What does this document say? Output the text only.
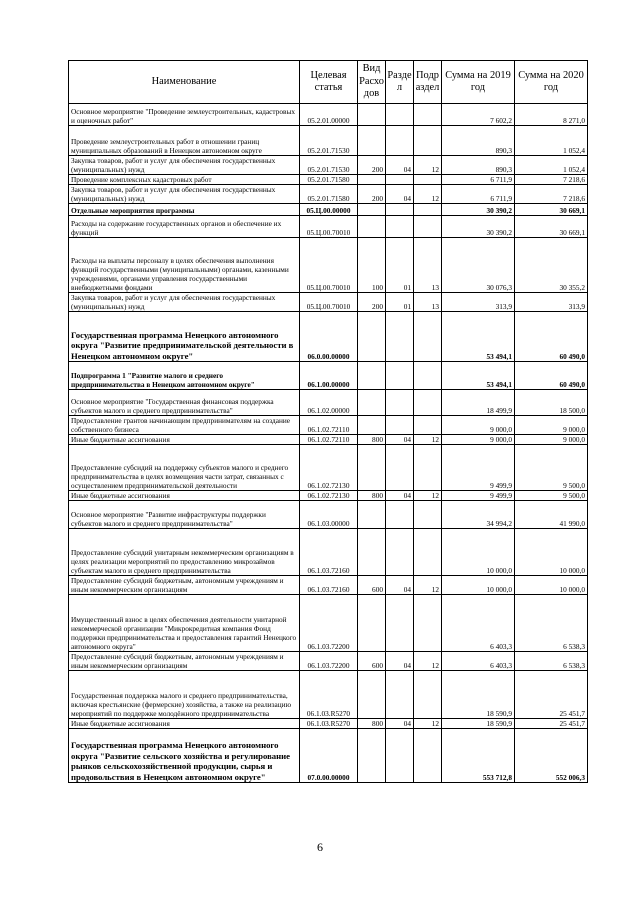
Наименование	Целевая статья	Вид Расхо дов	Разде л	Подр аздел	Сумма на 2019 год	Сумма на 2020 год
Основное мероприятие "Проведение землеустроительных, кадастровых и оценочных работ"	05.2.01.00000				7 602,2	8 271,0
Проведение землеустроительных работ в отношении границ муниципальных образований в Ненецком автономном округе	05.2.01.71530				890,3	1 052,4
Закупка товаров, работ и услуг для обеспечения государственных (муниципальных) нужд	05.2.01.71530	200	04	12	890,3	1 052,4
Проведение комплексных кадастровых работ	05.2.01.71580				6 711,9	7 218,6
Закупка товаров, работ и услуг для обеспечения государственных (муниципальных) нужд	05.2.01.71580	200	04	12	6 711,9	7 218,6
Отдельные мероприятия программы	05.Ц.00.00000				30 390,2	30 669,1
Расходы на содержание государственных органов и обеспечение их функций	05.Ц.00.70010				30 390,2	30 669,1
Расходы на выплаты персоналу в целях обеспечения выполнения функций государственными (муниципальными) органами, казенными учреждениями, органами управления государственными внебюджетными фондами	05.Ц.00.70010	100	01	13	30 076,3	30 355,2
Закупка товаров, работ и услуг для обеспечения государственных (муниципальных) нужд	05.Ц.00.70010	200	01	13	313,9	313,9
Государственная программа Ненецкого автономного округа "Развитие предпринимательской деятельности в Ненецком автономном округе"	06.0.00.00000				53 494,1	60 490,0
Подпрограмма 1 "Развитие малого и среднего предпринимательства в Ненецком автономном округе"	06.1.00.00000				53 494,1	60 490,0
Основное мероприятие "Государственная финансовая поддержка субъектов малого и среднего предпринимательства"	06.1.02.00000				18 499,9	18 500,0
Предоставление грантов начинающим предпринимателям на создание собственного бизнеса	06.1.02.72110				9 000,0	9 000,0
Иные бюджетные ассигнования	06.1.02.72110	800	04	12	9 000,0	9 000,0
Предоставление субсидий на поддержку субъектов малого и среднего предпринимательства в целях возмещения части затрат, связанных с осуществлением предпринимательской деятельности	06.1.02.72130				9 499,9	9 500,0
Иные бюджетные ассигнования	06.1.02.72130	800	04	12	9 499,9	9 500,0
Основное мероприятие "Развитие инфраструктуры поддержки субъектов малого и среднего предпринимательства"	06.1.03.00000				34 994,2	41 990,0
Предоставление субсидий унитарным некоммерческим организациям в целях реализации мероприятий по предоставлению микрозаймов субъектам малого и среднего предпринимательства	06.1.03.72160				10 000,0	10 000,0
Предоставление субсидий бюджетным, автономным учреждениям и иным некоммерческим организациям	06.1.03.72160	600	04	12	10 000,0	10 000,0
Имущественный взнос в целях обеспечения деятельности унитарной некоммерческой организации "Микрокредитная компания Фонд поддержки предпринимательства и предоставления гарантий Ненецкого автономного округа"	06.1.03.72200				6 403,3	6 538,3
Предоставление субсидий бюджетным, автономным учреждениям и иным некоммерческим организациям	06.1.03.72200	600	04	12	6 403,3	6 538,3
Государственная поддержка малого и среднего предпринимательства, включая крестьянские (фермерские) хозяйства, а также на реализацию мероприятий по поддержке молодёжного предпринимательства	06.1.03.R5270				18 590,9	25 451,7
Иные бюджетные ассигнования	06.1.03.R5270	800	04	12	18 590,9	25 451,7
Государственная программа Ненецкого автономного округа "Развитие сельского хозяйства и регулирование рынков сельскохозяйственной продукции, сырья и продовольствия в Ненецком автономном округе"	07.0.00.00000				553 712,8	552 006,3
6
